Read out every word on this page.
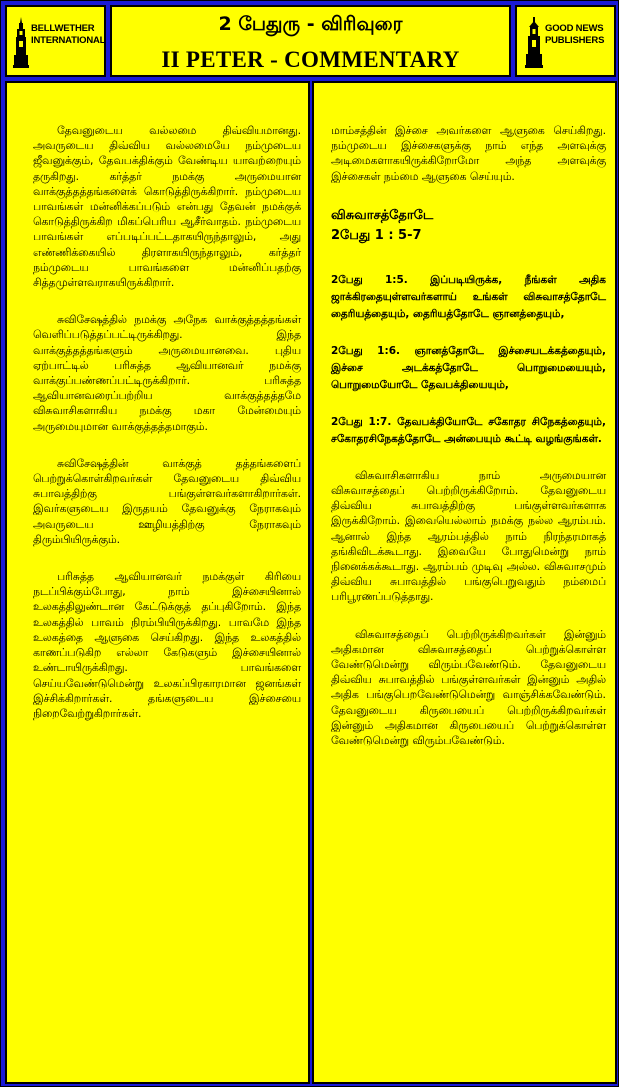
BELLWETHER INTERNATIONAL
2 பேதுரு - விரிவுரை
II PETER - COMMENTARY
GOOD NEWS PUBLISHERS

தேவனுடைய வல்லமை திவ்வியமானது. அவருடைய திவ்விய வல்லமையே நம்முடைய ஜீவனுக்கும், தேவபக்திக்கும் வேண்டிய யாவற்றையும் தருகிறது. கர்த்தர் நமக்கு அருமையான வாக்குத்தத்தங்களைக் கொடுத்திருக்கிறார். நம்முடைய பாவங்கள் மன்னிக்கப்படும் என்பது தேவன் நமக்குக் கொடுத்திருக்கிற மிகப்பெரிய ஆசீர்வாதம். நம்முடைய பாவங்கள் எப்படிப்பட்டதாகயிருந்தாலும், அது எண்ணிக்கையில் திரளாகயிருந்தாலும், கர்த்தர் நம்முடைய பாவங்களை மன்னிப்பதற்கு சித்தமுள்ளவராகயிருக்கிறார்.

சுவிசேஷத்தில் நமக்கு அநேக வாக்குத்தத்தங்கள் வெளிப்படுத்தப்பட்டிருக்கிறது. இந்த வாக்குத்தத்தங்களும் அருமையானவை. புதிய ஏற்பாட்டில் பரிசுத்த ஆவியானவர் நமக்கு வாக்குப்பண்ணப்பட்டிருக்கிறார். பரிசுத்த ஆவியானவரைப்பற்றிய வாக்குத்தத்தமே விசுவாசிகளாகிய நமக்கு மகா மேன்மையும் அருமையுமான வாக்குத்தத்தமாகும்.

சுவிசேஷத்தின் வாக்குத் தத்தங்களைப் பெற்றுக்கொள்கிறவர்கள் தேவனுடைய திவ்விய சுபாவத்திற்கு பங்குள்ளவர்களாகிறார்கள். இவர்களுடைய இருதயம் தேவனுக்கு நேராகவும் அவருடைய ஊழியத்திற்கு நேராகவும் திரும்பியிருக்கும்.

பரிசுத்த ஆவியானவர் நமக்குள் கிரியை நடப்பிக்கும்போது, நாம் இச்சையினால் உலகத்திலுண்டான கேட்டுக்குத் தப்புகிறோம். இந்த உலகத்தில் பாவம் நிரம்பியிருக்கிறது. பாவமே இந்த உலகத்தை ஆளுகை செய்கிறது. இந்த உலகத்தில் காணப்படுகிற எல்லா கேடுகளும் இச்சையினால் உண்டாயிருக்கிறது. பாவங்களை செய்யவேண்டுமென்று உலகப்பிரகாரமான ஜனங்கள் இச்சிக்கிறார்கள். தங்களுடைய இச்சையை நிறைவேற்றுகிறார்கள்.

மாம்சத்தின் இச்சை அவர்களை ஆளுகை செய்கிறது. நம்முடைய இச்சைகளுக்கு நாம் எந்த அளவுக்கு அடிமைகளாகயிருக்கிறோமோ அந்த அளவுக்கு இச்சைகள் நம்மை ஆளுகை செய்யும்.

விசுவாசத்தோடே
2பேது 1 : 5-7

2பேது 1:5. இப்படியிருக்க, நீங்கள் அதிக ஜாக்கிரதையுள்ளவர்களாய் உங்கள் விசுவாசத்தோடே தைரியத்தையும், தைரியத்தோடே ஞானத்தையும்,

2பேது 1:6. ஞானத்தோடே இச்சையடக்கத்தையும், இச்சை அடக்கத்தோடே பொறுமையையும், பொறுமையோடே தேவபக்தியையும்,

2பேது 1:7. தேவபக்தியோடே சகோதர சிநேகத்தையும், சகோதரசிநேகத்தோடே அன்பையும் கூட்டி வழங்குங்கள்.

விசுவாசிகளாகிய நாம் அருமையான விசுவாசத்தைப் பெற்றிருக்கிறோம். தேவனுடைய திவ்விய சுபாவத்திற்கு பங்குள்ளவர்களாக இருக்கிறோம். இவையெல்லாம் நமக்கு நல்ல ஆரம்பம். ஆனால் இந்த ஆரம்பத்தில் நாம் நிரந்தரமாகத் தங்கிவிடக்கூடாது. இவையே போதுமென்று நாம் நினைக்கக்கூடாது. ஆரம்பம் முடிவு அல்ல. விசுவாசமும் திவ்விய சுபாவத்தில் பங்குபெறுவதும் நம்மைப் பரிபூரணப்படுத்தாது.

விசுவாசத்தைப் பெற்றிருக்கிறவர்கள் இன்னும் அதிகமான விசுவாசத்தைப் பெற்றுக்கொள்ள வேண்டுமென்று விரும்பவேண்டும். தேவனுடைய திவ்விய சுபாவத்தில் பங்குள்ளவர்கள் இன்னும் அதில் அதிக பங்குபெறவேண்டுமென்று வாஞ்சிக்கவேண்டும். தேவனுடைய கிருபையைப் பெற்றிருக்கிறவர்கள் இன்னும் அதிகமான கிருபையைப் பெற்றுக்கொள்ள வேண்டுமென்று விரும்பவேண்டும்.
